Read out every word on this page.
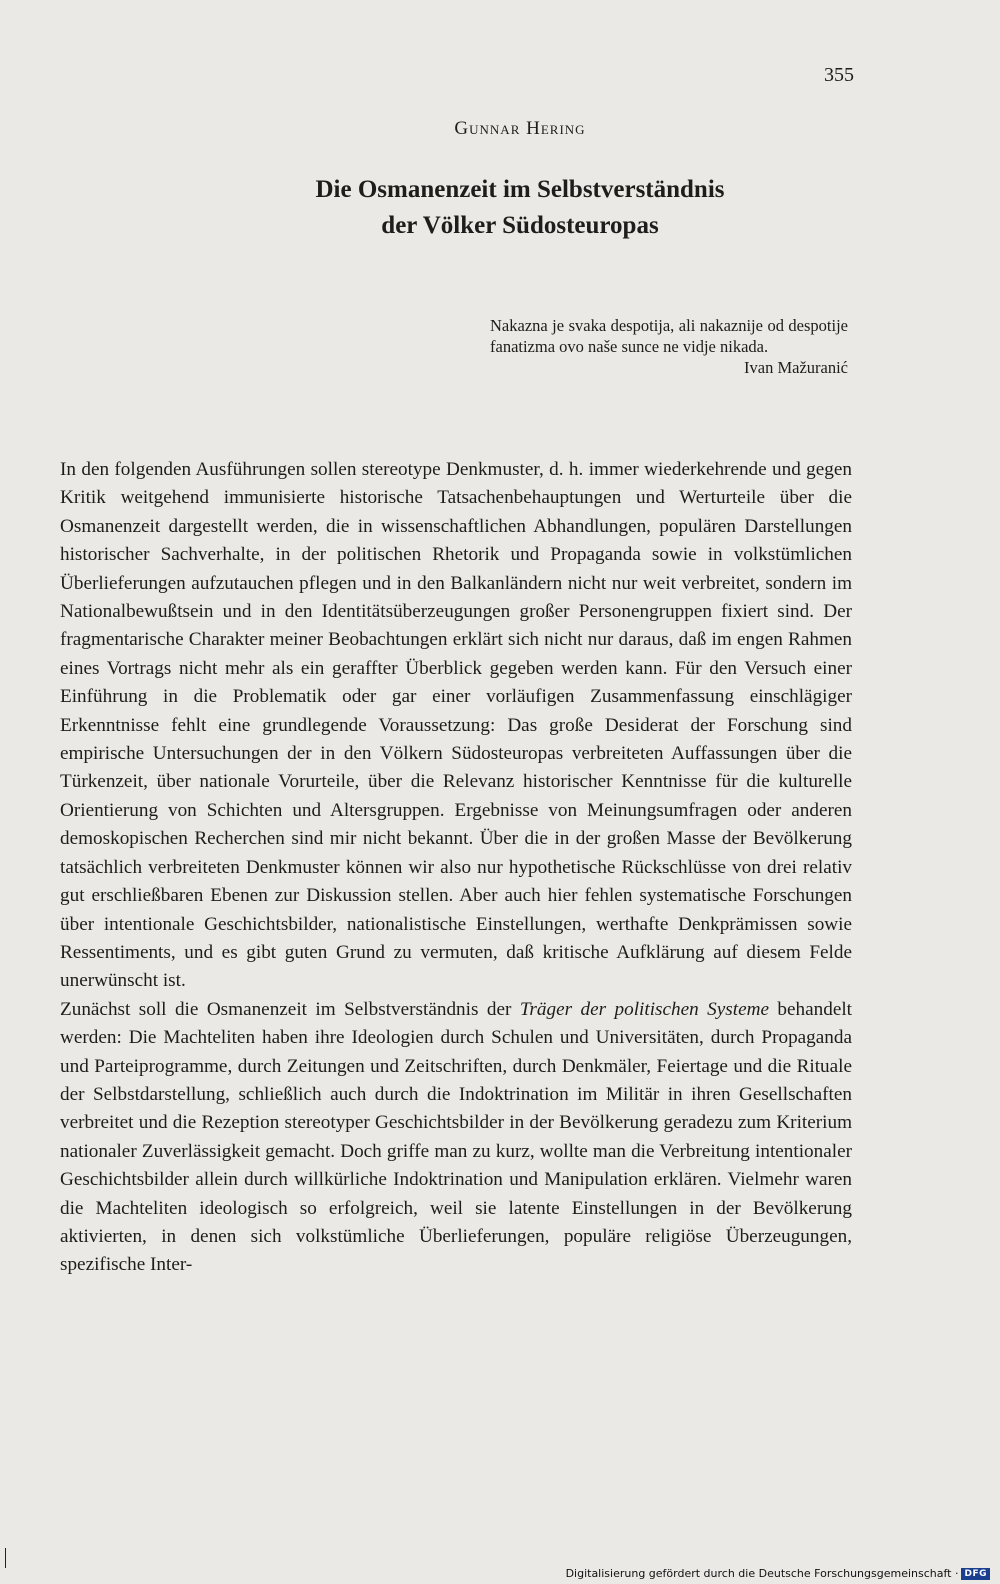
355

Gunnar Hering

Die Osmanenzeit im Selbstverständnis
der Völker Südosteuropas
Nakazna je svaka despotija, ali nakaznije od despotije fanatizma ovo naše sunce ne vidje nikada.
Ivan Mažuranić

In den folgenden Ausführungen sollen stereotype Denkmuster, d. h. immer wiederkehrende und gegen Kritik weitgehend immunisierte historische Tatsachenbehauptungen und Werturteile über die Osmanenzeit dargestellt werden, die in wissenschaftlichen Abhandlungen, populären Darstellungen historischer Sachverhalte, in der politischen Rhetorik und Propaganda sowie in volkstümlichen Überlieferungen aufzutauchen pflegen und in den Balkanländern nicht nur weit verbreitet, sondern im Nationalbewußtsein und in den Identitätsüberzeugungen großer Personengruppen fixiert sind. Der fragmentarische Charakter meiner Beobachtungen erklärt sich nicht nur daraus, daß im engen Rahmen eines Vortrags nicht mehr als ein geraffter Überblick gegeben werden kann. Für den Versuch einer Einführung in die Problematik oder gar einer vorläufigen Zusammenfassung einschlägiger Erkenntnisse fehlt eine grundlegende Voraussetzung: Das große Desiderat der Forschung sind empirische Untersuchungen der in den Völkern Südosteuropas verbreiteten Auffassungen über die Türkenzeit, über nationale Vorurteile, über die Relevanz historischer Kenntnisse für die kulturelle Orientierung von Schichten und Altersgruppen. Ergebnisse von Meinungsumfragen oder anderen demoskopischen Recherchen sind mir nicht bekannt. Über die in der großen Masse der Bevölkerung tatsächlich verbreiteten Denkmuster können wir also nur hypothetische Rückschlüsse von drei relativ gut erschließbaren Ebenen zur Diskussion stellen. Aber auch hier fehlen systematische Forschungen über intentionale Geschichtsbilder, nationalistische Einstellungen, werthafte Denkprämissen sowie Ressentiments, und es gibt guten Grund zu vermuten, daß kritische Aufklärung auf diesem Felde unerwünscht ist.

Zunächst soll die Osmanenzeit im Selbstverständnis der Träger der politischen Systeme behandelt werden: Die Machteliten haben ihre Ideologien durch Schulen und Universitäten, durch Propaganda und Parteiprogramme, durch Zeitungen und Zeitschriften, durch Denkmäler, Feiertage und die Rituale der Selbstdarstellung, schließlich auch durch die Indoktrination im Militär in ihren Gesellschaften verbreitet und die Rezeption stereotyper Geschichtsbilder in der Bevölkerung geradezu zum Kriterium nationaler Zuverlässigkeit gemacht. Doch griffe man zu kurz, wollte man die Verbreitung intentionaler Geschichtsbilder allein durch willkürliche Indoktrination und Manipulation erklären. Vielmehr waren die Machteliten ideologisch so erfolgreich, weil sie latente Einstellungen in der Bevölkerung aktivierten, in denen sich volkstümliche Überlieferungen, populäre religiöse Überzeugungen, spezifische Inter-

Digitalisierung gefördert durch die Deutsche Forschungsgemeinschaft · DFG
